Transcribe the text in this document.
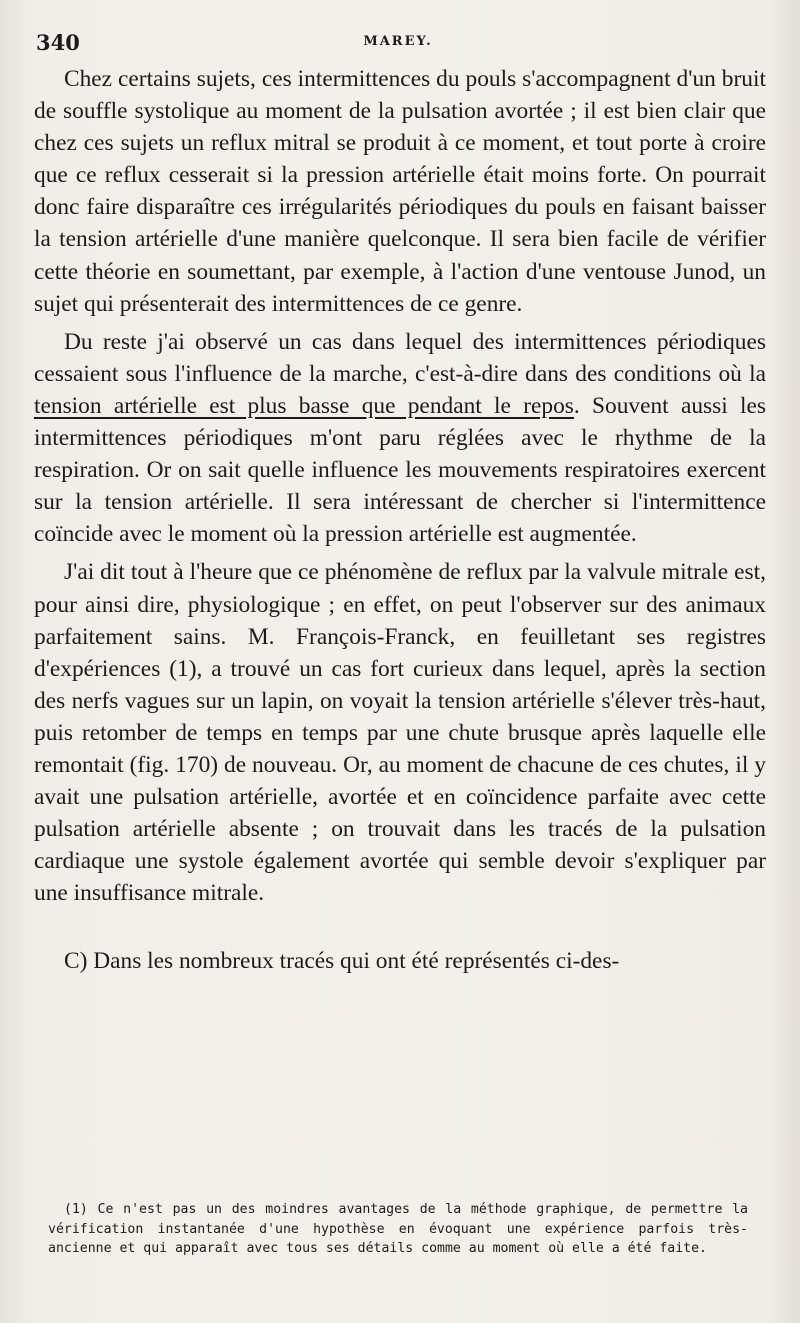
340	MAREY.

Chez certains sujets, ces intermittences du pouls s'accompagnent d'un bruit de souffle systolique au moment de la pulsation avortée ; il est bien clair que chez ces sujets un reflux mitral se produit à ce moment, et tout porte à croire que ce reflux cesserait si la pression artérielle était moins forte. On pourrait donc faire disparaître ces irrégularités périodiques du pouls en faisant baisser la tension artérielle d'une manière quelconque. Il sera bien facile de vérifier cette théorie en soumettant, par exemple, à l'action d'une ventouse Junod, un sujet qui présenterait des intermittences de ce genre.

Du reste j'ai observé un cas dans lequel des intermittences périodiques cessaient sous l'influence de la marche, c'est-à-dire dans des conditions où la tension artérielle est plus basse que pendant le repos. Souvent aussi les intermittences périodiques m'ont paru réglées avec le rhythme de la respiration. Or on sait quelle influence les mouvements respiratoires exercent sur la tension artérielle. Il sera intéressant de chercher si l'intermittence coïncide avec le moment où la pression artérielle est augmentée.

J'ai dit tout à l'heure que ce phénomène de reflux par la valvule mitrale est, pour ainsi dire, physiologique ; en effet, on peut l'observer sur des animaux parfaitement sains. M. François-Franck, en feuilletant ses registres d'expériences (1), a trouvé un cas fort curieux dans lequel, après la section des nerfs vagues sur un lapin, on voyait la tension artérielle s'élever très-haut, puis retomber de temps en temps par une chute brusque après laquelle elle remontait (fig. 170) de nouveau. Or, au moment de chacune de ces chutes, il y avait une pulsation artérielle, avortée et en coïncidence parfaite avec cette pulsation artérielle absente ; on trouvait dans les tracés de la pulsation cardiaque une systole également avortée qui semble devoir s'expliquer par une insuffisance mitrale.

C) Dans les nombreux tracés qui ont été représentés ci-des-

(1) Ce n'est pas un des moindres avantages de la méthode graphique, de permettre la vérification instantanée d'une hypothèse en évoquant une expérience parfois très-ancienne et qui apparaît avec tous ses détails comme au moment où elle a été faite.
